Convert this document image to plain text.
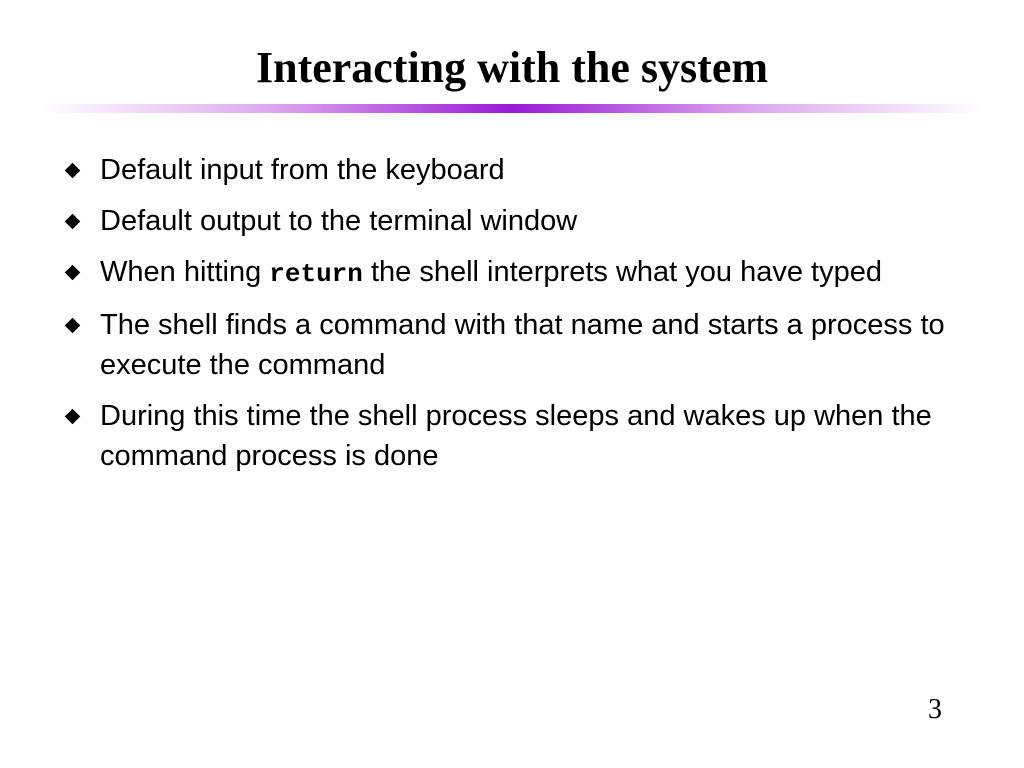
Interacting with the system
Default input from the keyboard
Default output to the terminal window
When hitting return the shell interprets what you have typed
The shell finds a command with that name and starts a process to execute the command
During this time the shell process sleeps and wakes up when the command process is done
3
